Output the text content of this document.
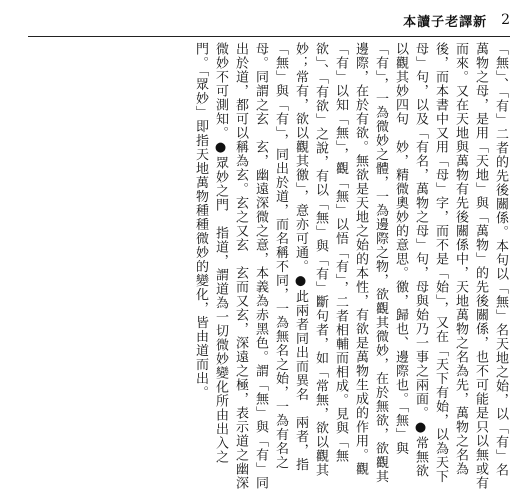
本讀子老譯新 2

「無」、「有」二者的先後關係。本句以「無」名天地之始，以「有」名萬物之母，是用「天地」與「萬物」的先後關係，也不可能是只以無或有而來。又在天地與萬物有先後關係中，天地萬物之名為先，萬物之名為後，而本書中又用「母」字，而不是「始」，又在「天下有始，以為天下母」句，以及「有名，萬物之母」句，母與始乃一事之兩面。●常無欲以觀其妙四句　妙，精微奧妙的意思。徼，歸也、邊際也。「無」與「有」，一為微妙之體，一為邊際之物，欲觀其微妙，在於無欲，欲觀其邊際，在於有欲。無欲是天地之始的本性，有欲是萬物生成的作用。觀「有」以知「無」，觀「無」以悟「有」，二者相輔而相成。見與「無欲」、「有欲」之說，有以「無」與「有」斷句者，如「常無，欲以觀其妙；常有，欲以觀其徼」，意亦可通。●此兩者同出而異名　兩者，指「無」與「有」，同出於道，而名稱不同，一為無名之始，一為有名之母。同謂之玄　玄，幽遠深微之意，本義為赤黑色。謂「無」與「有」同出於道，都可以稱為玄。玄之又玄　玄而又玄，深遠之極，表示道之幽深微妙不可測知。●眾妙之門　指道，謂道為一切微妙變化所由出入之門。「眾妙」即指天地萬物種種微妙的變化，皆由道而出。
